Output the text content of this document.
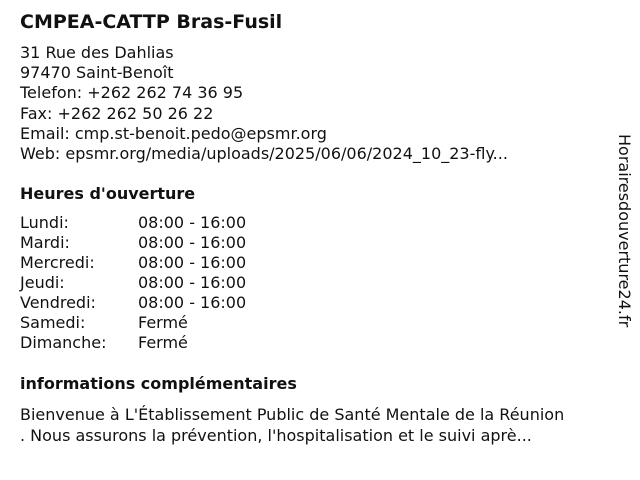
CMPEA-CATTP Bras-Fusil
31 Rue des Dahlias
97470 Saint-Benoît
Telefon: +262 262 74 36 95
Fax: +262 262 50 26 22
Email: cmp.st-benoit.pedo@epsmr.org
Web: epsmr.org/media/uploads/2025/06/06/2024_10_23-fly...
Heures d'ouverture
Lundi:	08:00 - 16:00
Mardi:	08:00 - 16:00
Mercredi:	08:00 - 16:00
Jeudi:	08:00 - 16:00
Vendredi:	08:00 - 16:00
Samedi:	Fermé
Dimanche:	Fermé
informations complémentaires
Bienvenue à L'Établissement Public de Santé Mentale de la Réunion
. Nous assurons la prévention, l'hospitalisation et le suivi aprè...
Horairesdouverture24.fr
